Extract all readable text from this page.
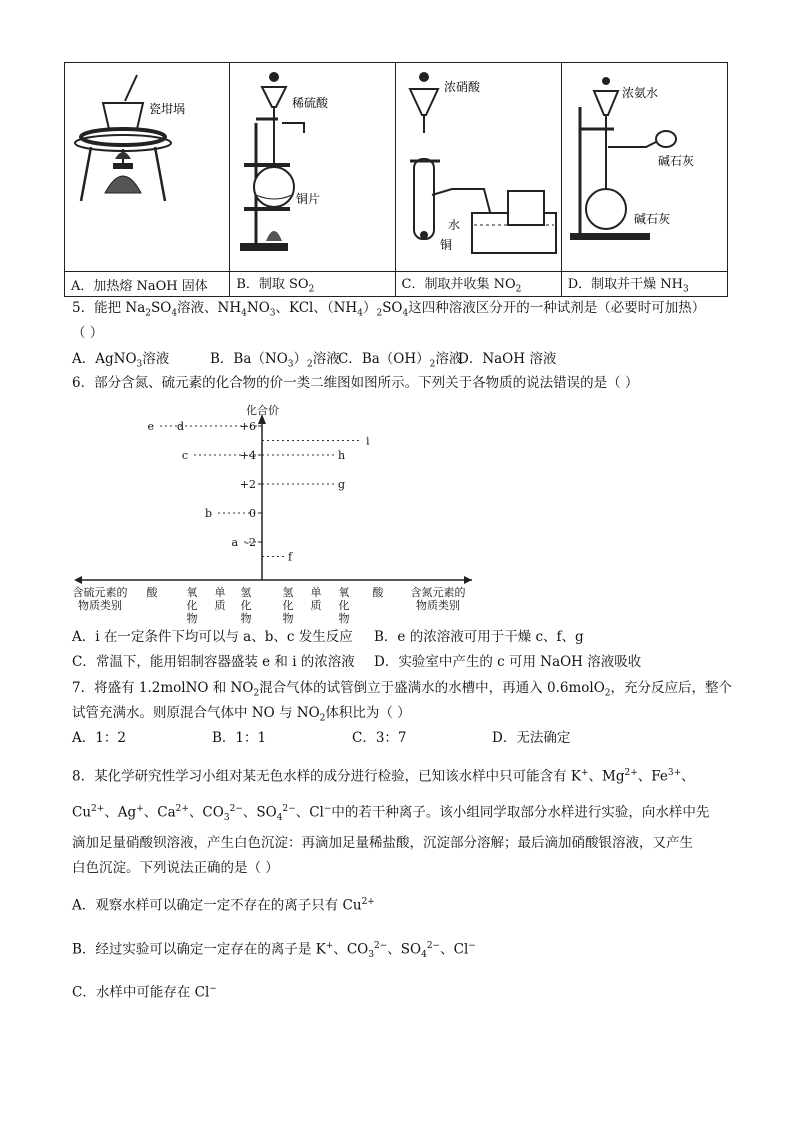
瓷坩埚	稀硫酸
铜片	浓硝酸
水
铜	浓氨水
碱石灰
碱石灰

A．加热熔 NaOH 固体	B．制取 $SO_2$	C．制取并收集 $NO_2$	D．制取并干燥 $NH_3$
5．能把 $Na_2SO_4$溶液、$NH_4NO_3$、KCl、$(NH_4)_2SO_4$这四种溶液区分开的一种试剂是（必要时可加热）
（ ）
A．AgNO$_3$溶液	B．$Ba(NO_3)_2$溶液C．$Ba(OH)_2$溶液D．NaOH 溶液
6．部分含氮、硫元素的化合物的价一类二维图如图所示。下列关于各物质的说法错误的是（ ）
化合价
+6
+4
+2
0
-2
e d
c
b
a
i
h
g
f
酸	氧化物
单质
氢化物
氢化物
单质
氧化物
酸
含硫元素的物质类别
含氮元素的物质类别
A．i 在一定条件下均可以与 a、b、c 发生反应 B．e 的浓溶液可用于干燥 c、f、g
C．常温下，能用铝制容器盛装 e 和 i 的浓溶液 D．实验室中产生的 c 可用 NaOH 溶液吸收
7．将盛有 1.2molNO 和 $NO_2$混合气体的试管倒立于盛满水的水槽中，再通入 0.6molO$_2$，充分反应后，整个
试管充满水。则原混合气体中 NO 与 $NO_2$体积比为（ ）
A．1：2	B．1：1	C．3：7	D．无法确定
8．某化学研究性学习小组对某无色水样的成分进行检验，已知该水样中只可能含有 K+、$Mg^{2+}$、$Fe^{3+}$、
$Cu^{2+}$、Ag+、$Ca^{2+}$、$CO_3^{2-}$、$SO_4^{2-}$、Cl−中的若干种离子。该小组同学取部分水样进行实验，向水样中先
滴加足量硝酸钡溶液，产生白色沉淀：再滴加足量稀盐酸，沉淀部分溶解；最后滴加硝酸银溶液，又产生
白色沉淀。下列说法正确的是（ ）
A．观察水样可以确定一定不存在的离子只有 $Cu^{2+}$
B．经过实验可以确定一定存在的离子是 K+、$CO_3^{2-}$、$SO_4^{2-}$、Cl−
C．水样中可能存在 Cl−
